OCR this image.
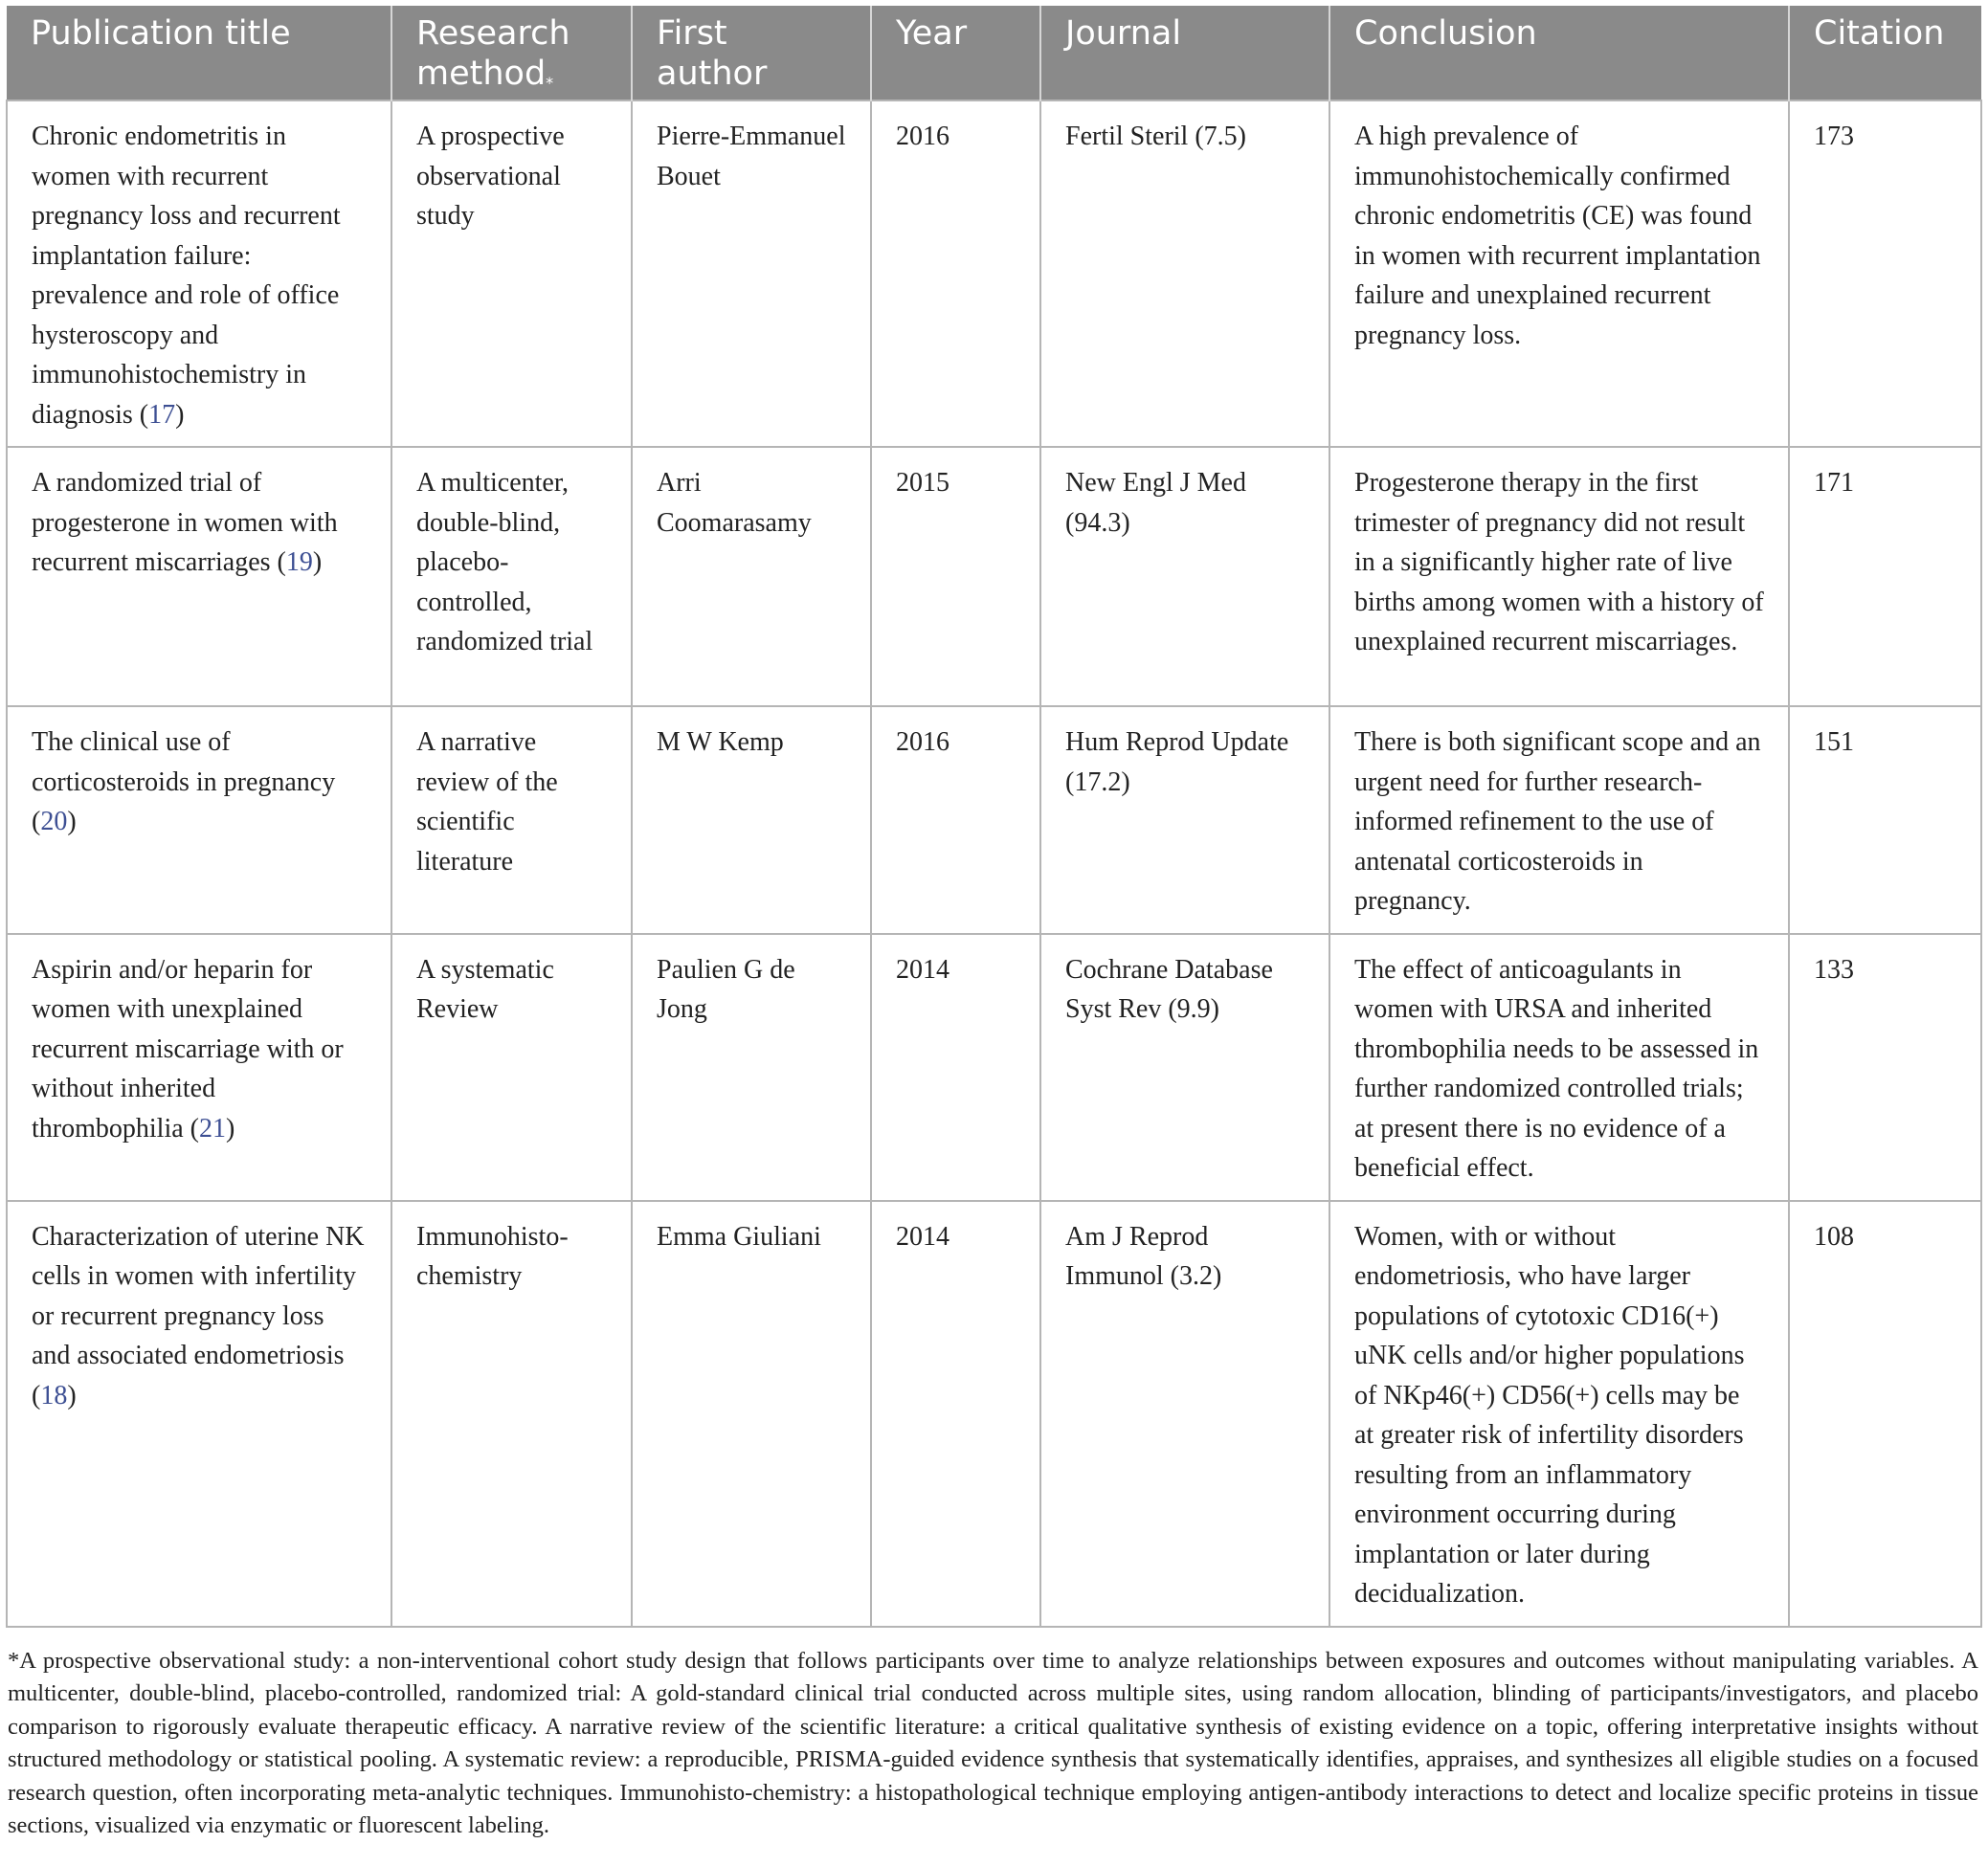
Publication title	Research method*	First author	Year	Journal	Conclusion	Citation
Chronic endometritis in women with recurrent pregnancy loss and recurrent implantation failure: prevalence and role of office hysteroscopy and immunohistochemistry in diagnosis (17)	A prospective observational study	Pierre-Emmanuel Bouet	2016	Fertil Steril (7.5)	A high prevalence of immunohistochemically confirmed chronic endometritis (CE) was found in women with recurrent implantation failure and unexplained recurrent pregnancy loss.	173
A randomized trial of progesterone in women with recurrent miscarriages (19)	A multicenter, double-blind, placebo-controlled, randomized trial	Arri Coomarasamy	2015	New Engl J Med (94.3)	Progesterone therapy in the first trimester of pregnancy did not result in a significantly higher rate of live births among women with a history of unexplained recurrent miscarriages.	171
The clinical use of corticosteroids in pregnancy (20)	A narrative review of the scientific literature	M W Kemp	2016	Hum Reprod Update (17.2)	There is both significant scope and an urgent need for further research-informed refinement to the use of antenatal corticosteroids in pregnancy.	151
Aspirin and/or heparin for women with unexplained recurrent miscarriage with or without inherited thrombophilia (21)	A systematic Review	Paulien G de Jong	2014	Cochrane Database Syst Rev (9.9)	The effect of anticoagulants in women with URSA and inherited thrombophilia needs to be assessed in further randomized controlled trials; at present there is no evidence of a beneficial effect.	133
Characterization of uterine NK cells in women with infertility or recurrent pregnancy loss and associated endometriosis (18)	Immunohisto-chemistry	Emma Giuliani	2014	Am J Reprod Immunol (3.2)	Women, with or without endometriosis, who have larger populations of cytotoxic CD16(+) uNK cells and/or higher populations of NKp46(+) CD56(+) cells may be at greater risk of infertility disorders resulting from an inflammatory environment occurring during implantation or later during decidualization.	108

*A prospective observational study: a non-interventional cohort study design that follows participants over time to analyze relationships between exposures and outcomes without manipulating variables. A multicenter, double-blind, placebo-controlled, randomized trial: A gold-standard clinical trial conducted across multiple sites, using random allocation, blinding of participants/investigators, and placebo comparison to rigorously evaluate therapeutic efficacy. A narrative review of the scientific literature: a critical qualitative synthesis of existing evidence on a topic, offering interpretative insights without structured methodology or statistical pooling. A systematic review: a reproducible, PRISMA-guided evidence synthesis that systematically identifies, appraises, and synthesizes all eligible studies on a focused research question, often incorporating meta-analytic techniques. Immunohisto-chemistry: a histopathological technique employing antigen-antibody interactions to detect and localize specific proteins in tissue sections, visualized via enzymatic or fluorescent labeling.
